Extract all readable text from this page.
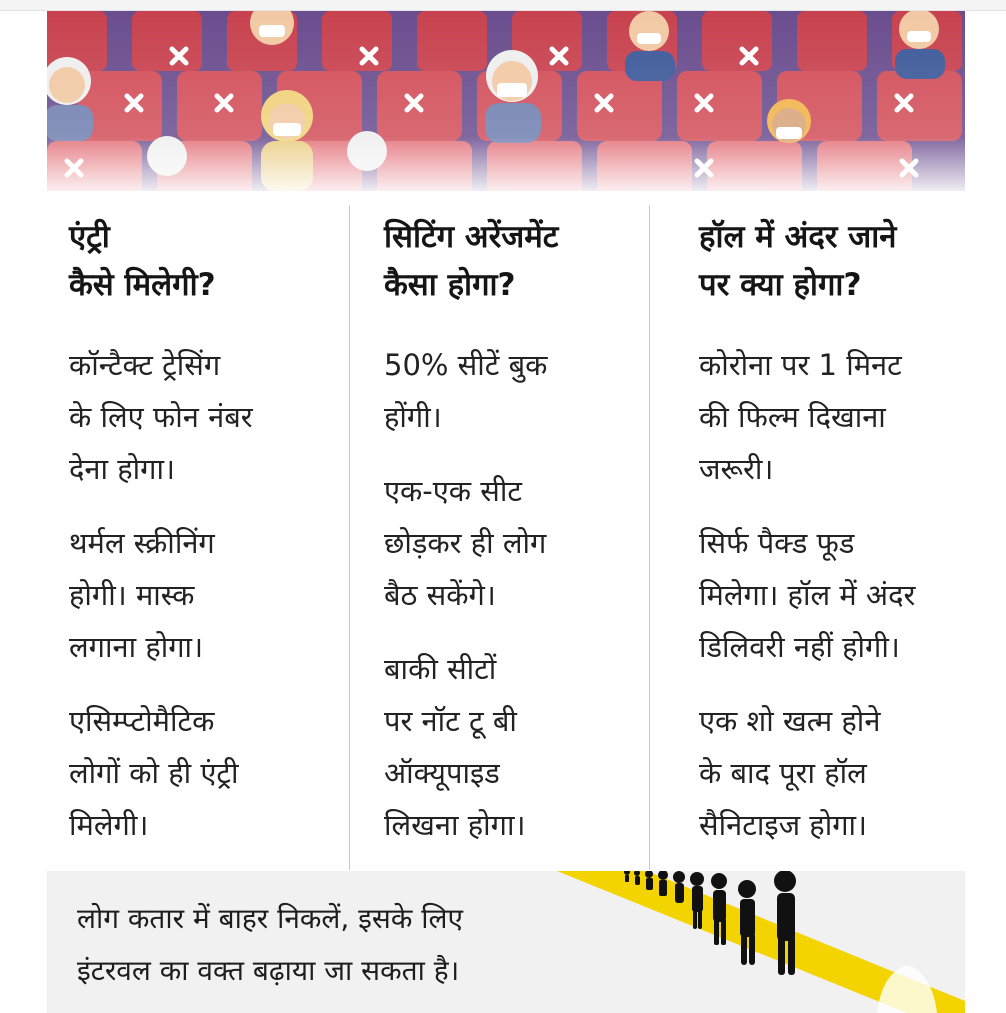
एंट्री
कैसे मिलेगी?
कॉन्टैक्ट ट्रेसिंग
के लिए फोन नंबर
देना होगा।
थर्मल स्क्रीनिंग
होगी। मास्क
लगाना होगा।
एसिम्प्टोमैटिक
लोगों को ही एंट्री
मिलेगी।
सिटिंग अरेंजमेंट
कैसा होगा?
50% सीटें बुक
होंगी।
एक-एक सीट
छोड़कर ही लोग
बैठ सकेंगे।
बाकी सीटों
पर नॉट टू बी
ऑक्यूपाइड
लिखना होगा।
हॉल में अंदर जाने
पर क्या होगा?
कोरोना पर 1 मिनट
की फिल्म दिखाना
जरूरी।
सिर्फ पैक्ड फूड
मिलेगा। हॉल में अंदर
डिलिवरी नहीं होगी।
एक शो खत्म होने
के बाद पूरा हॉल
सैनिटाइज होगा।
लोग कतार में बाहर निकलें, इसके लिए
इंटरवल का वक्त बढ़ाया जा सकता है।
